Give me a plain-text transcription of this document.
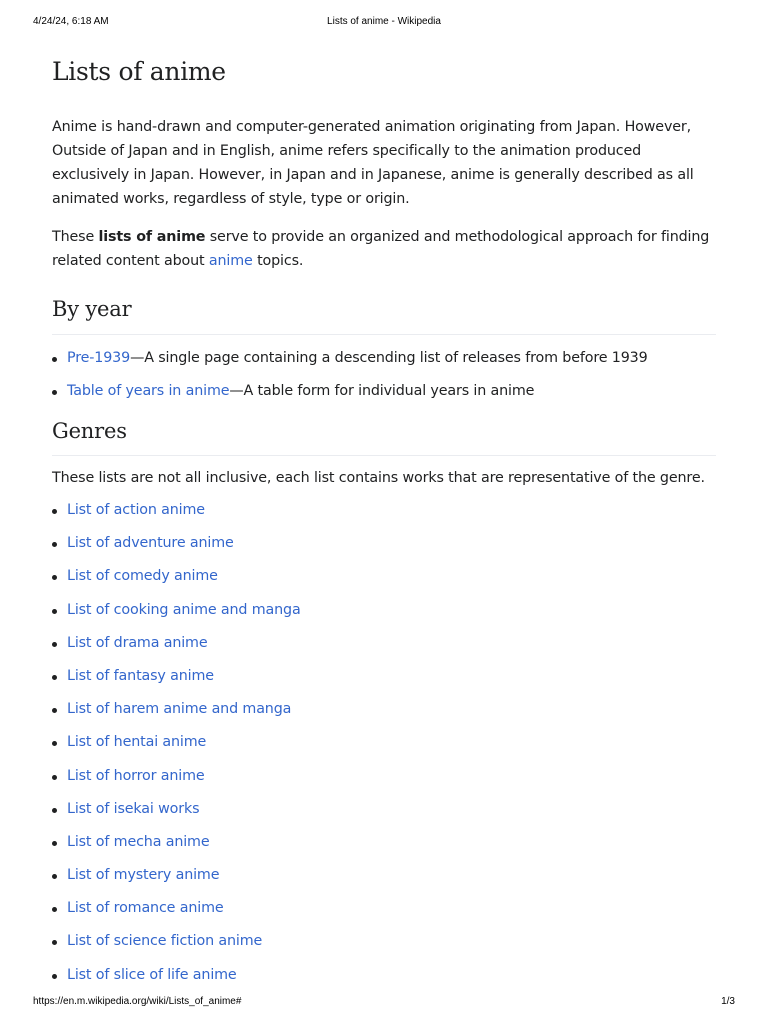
4/24/24, 6:18 AM	Lists of anime - Wikipedia
Lists of anime

Anime is hand-drawn and computer-generated animation originating from Japan. However, Outside of Japan and in English, anime refers specifically to the animation produced exclusively in Japan. However, in Japan and in Japanese, anime is generally described as all animated works, regardless of style, type or origin.

These lists of anime serve to provide an organized and methodological approach for finding related content about anime topics.

By year
Pre-1939—A single page containing a descending list of releases from before 1939
Table of years in anime—A table form for individual years in anime
Genres

These lists are not all inclusive, each list contains works that are representative of the genre.

List of action anime
List of adventure anime
List of comedy anime
List of cooking anime and manga
List of drama anime
List of fantasy anime
List of harem anime and manga
List of hentai anime
List of horror anime
List of isekai works
List of mecha anime
List of mystery anime
List of romance anime
List of science fiction anime
List of slice of life anime
https://en.m.wikipedia.org/wiki/Lists_of_anime#	1/3
